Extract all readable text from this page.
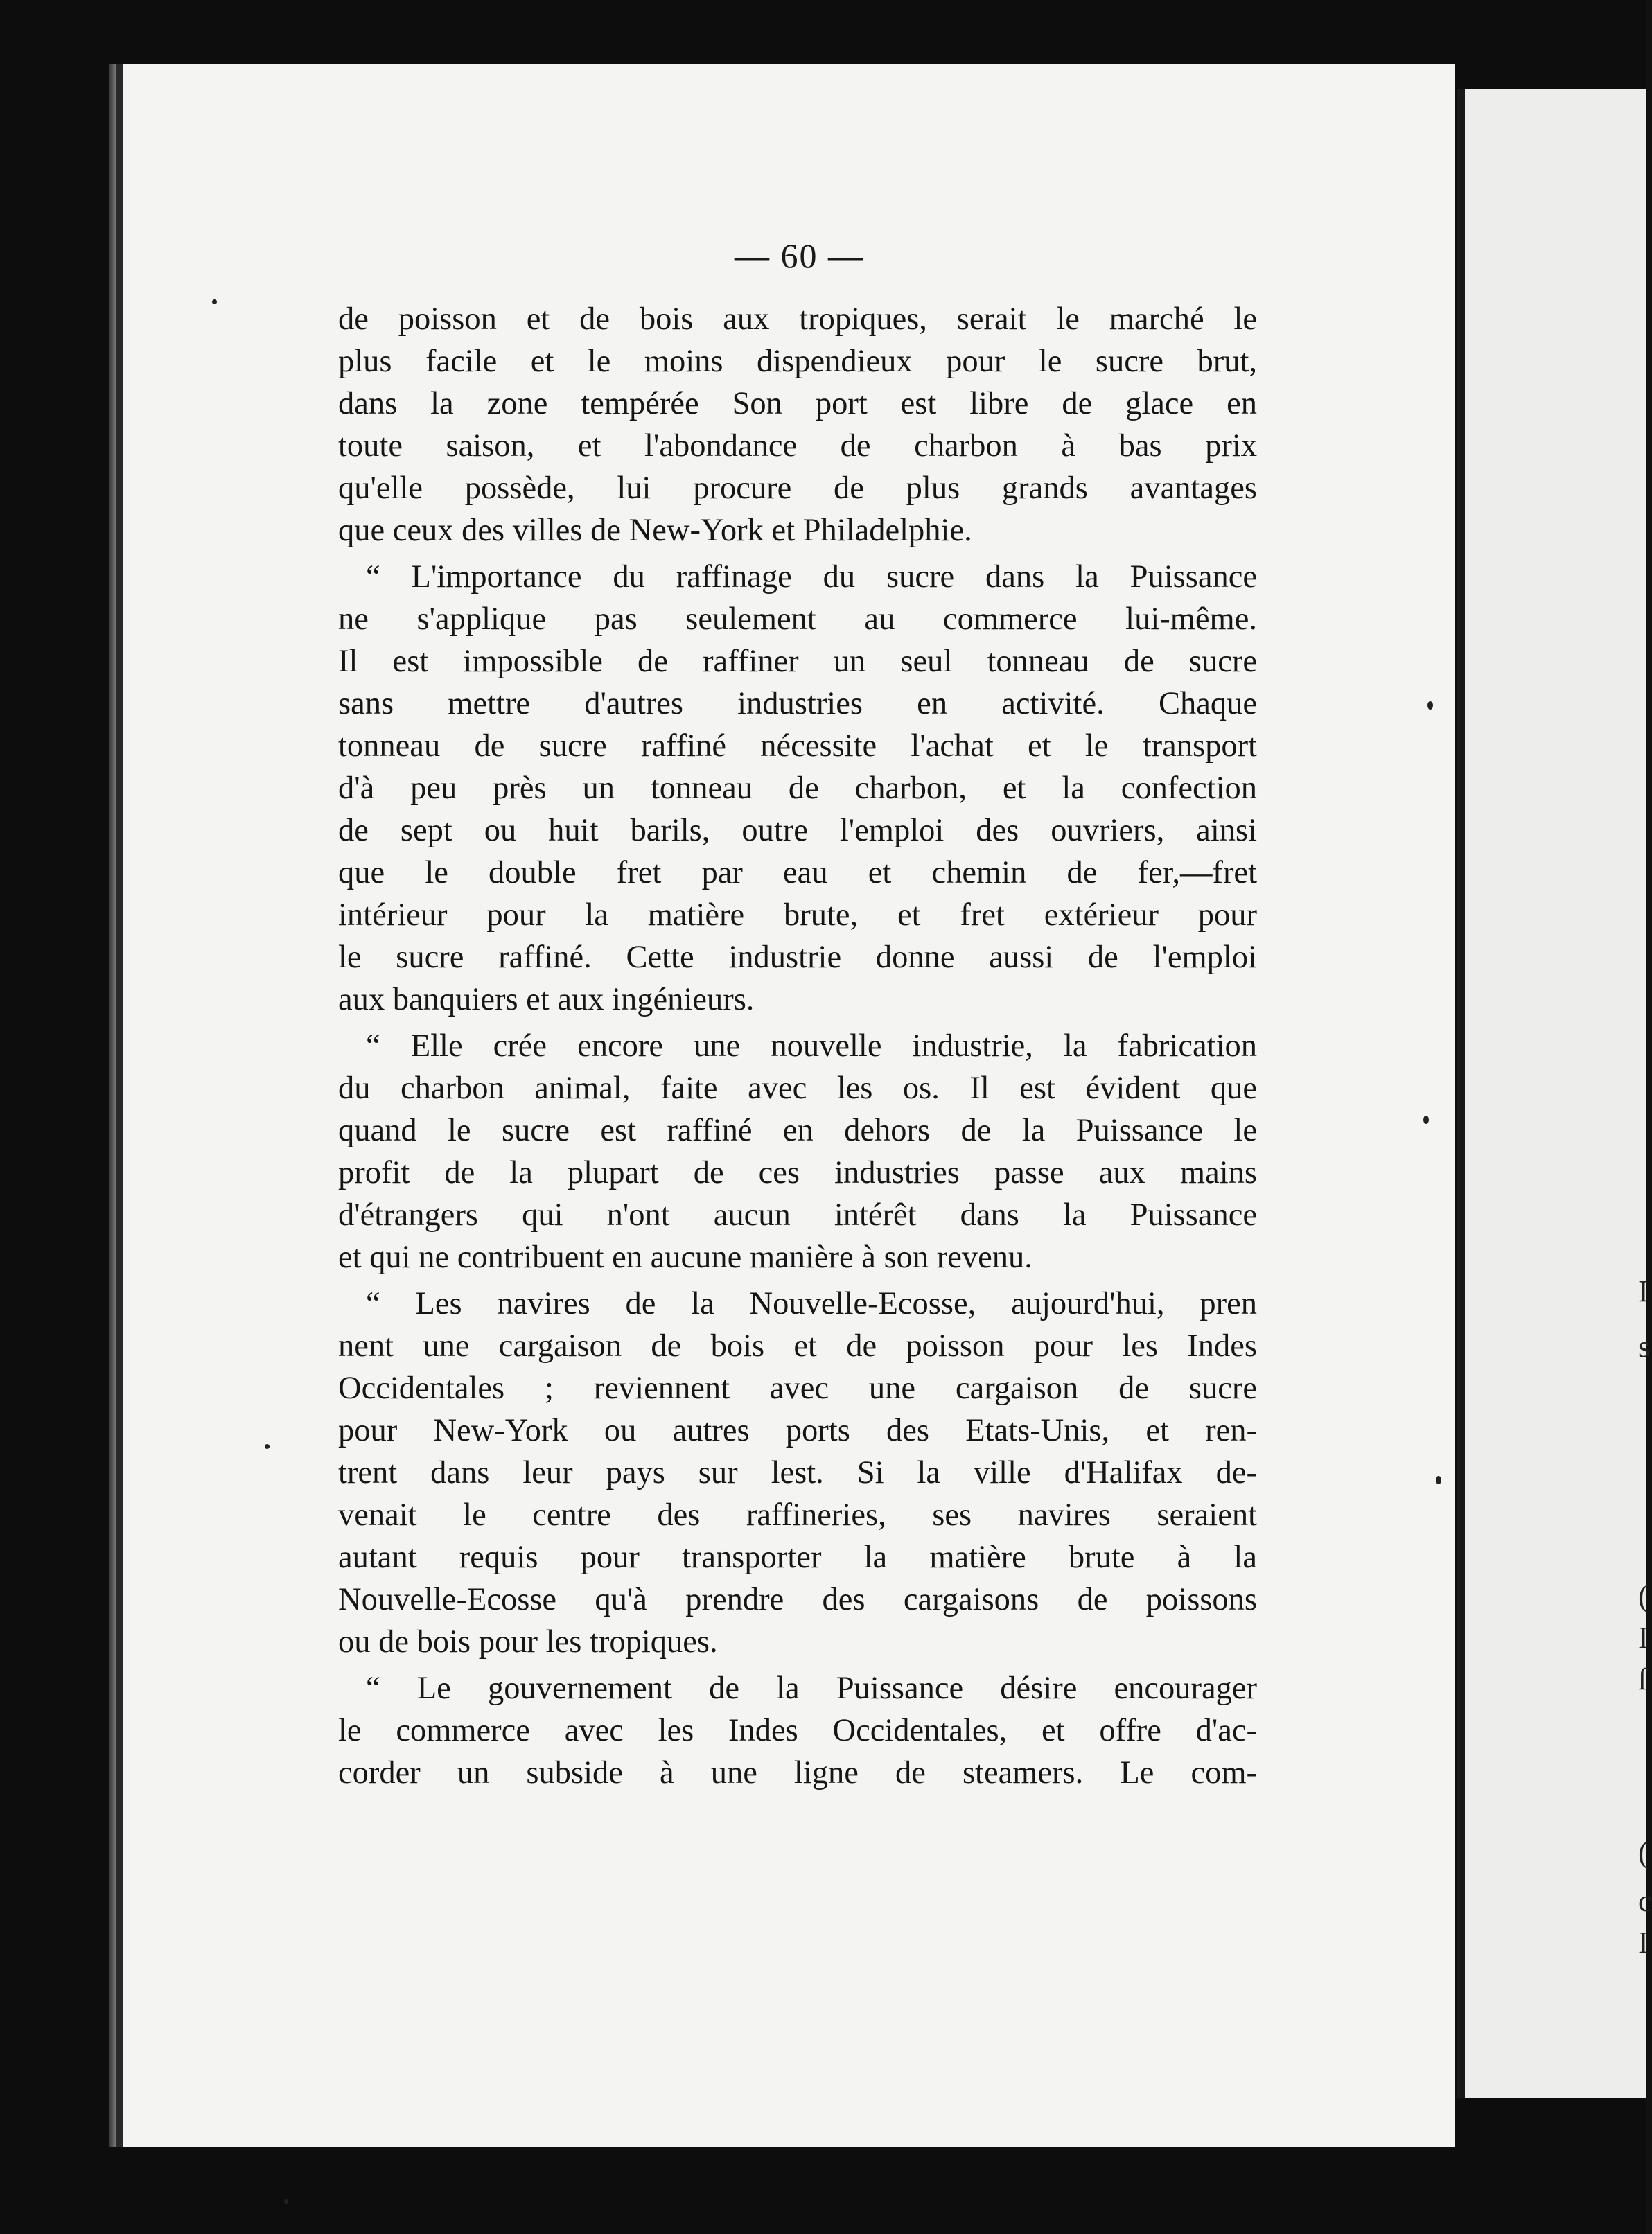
I
s
(
I
ſ
(
c
I
— 60 —
de poisson et de bois aux tropiques, serait le marché le
plus facile et le moins dispendieux pour le sucre brut,
dans la zone tempérée Son port est libre de glace en
toute saison, et l'abondance de charbon à bas prix
qu'elle possède, lui procure de plus grands avantages
que ceux des villes de New-York et Philadelphie.
“ L'importance du raffinage du sucre dans la Puissance
ne s'applique pas seulement au commerce lui-même.
Il est impossible de raffiner un seul tonneau de sucre
sans mettre d'autres industries en activité. Chaque
tonneau de sucre raffiné nécessite l'achat et le transport
d'à peu près un tonneau de charbon, et la confection
de sept ou huit barils, outre l'emploi des ouvriers, ainsi
que le double fret par eau et chemin de fer,—fret
intérieur pour la matière brute, et fret extérieur pour
le sucre raffiné. Cette industrie donne aussi de l'emploi
aux banquiers et aux ingénieurs.
“ Elle crée encore une nouvelle industrie, la fabrication
du charbon animal, faite avec les os. Il est évident que
quand le sucre est raffiné en dehors de la Puissance le
profit de la plupart de ces industries passe aux mains
d'étrangers qui n'ont aucun intérêt dans la Puissance
et qui ne contribuent en aucune manière à son revenu.
“ Les navires de la Nouvelle-Ecosse, aujourd'hui, pren
nent une cargaison de bois et de poisson pour les Indes
Occidentales ; reviennent avec une cargaison de sucre
pour New-York ou autres ports des Etats-Unis, et ren-
trent dans leur pays sur lest. Si la ville d'Halifax de-
venait le centre des raffineries, ses navires seraient
autant requis pour transporter la matière brute à la
Nouvelle-Ecosse qu'à prendre des cargaisons de poissons
ou de bois pour les tropiques.
“ Le gouvernement de la Puissance désire encourager
le commerce avec les Indes Occidentales, et offre d'ac-
corder un subside à une ligne de steamers. Le com-
